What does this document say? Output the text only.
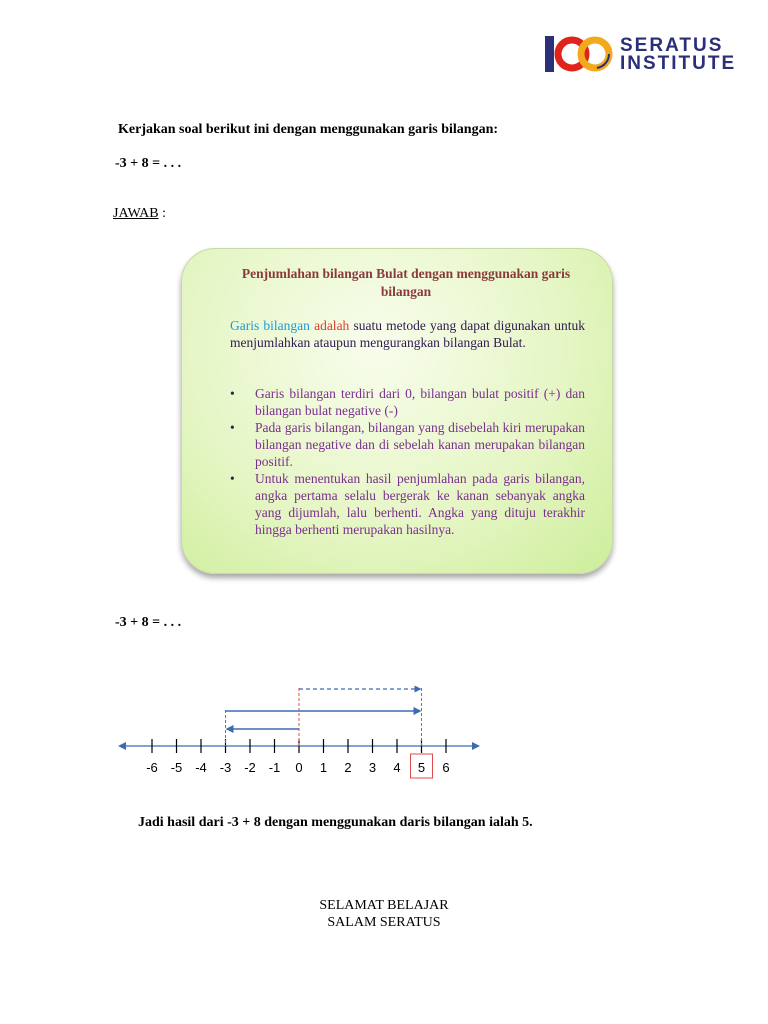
SERATUS
INSTITUTE
Kerjakan soal berikut ini dengan menggunakan garis bilangan:
-3 + 8 = . . .
JAWAB :
Penjumlahan bilangan Bulat dengan menggunakan garis bilangan
Garis bilangan adalah suatu metode yang dapat digunakan untuk menjumlahkan ataupun mengurangkan bilangan Bulat.
• Garis bilangan terdiri dari 0, bilangan bulat positif (+) dan bilangan bulat negative (-)
• Pada garis bilangan, bilangan yang disebelah kiri merupakan bilangan negative dan di sebelah kanan merupakan bilangan positif.
• Untuk menentukan hasil penjumlahan pada garis bilangan, angka pertama selalu bergerak ke kanan sebanyak angka yang dijumlah, lalu berhenti. Angka yang dituju terakhir hingga berhenti merupakan hasilnya.
-3 + 8 = . . .
-6 -5 -4 -3 -2 -1 0 1 2 3 4 5 6
Jadi hasil dari -3 + 8 dengan menggunakan daris bilangan ialah 5.
SELAMAT BELAJAR
SALAM SERATUS
